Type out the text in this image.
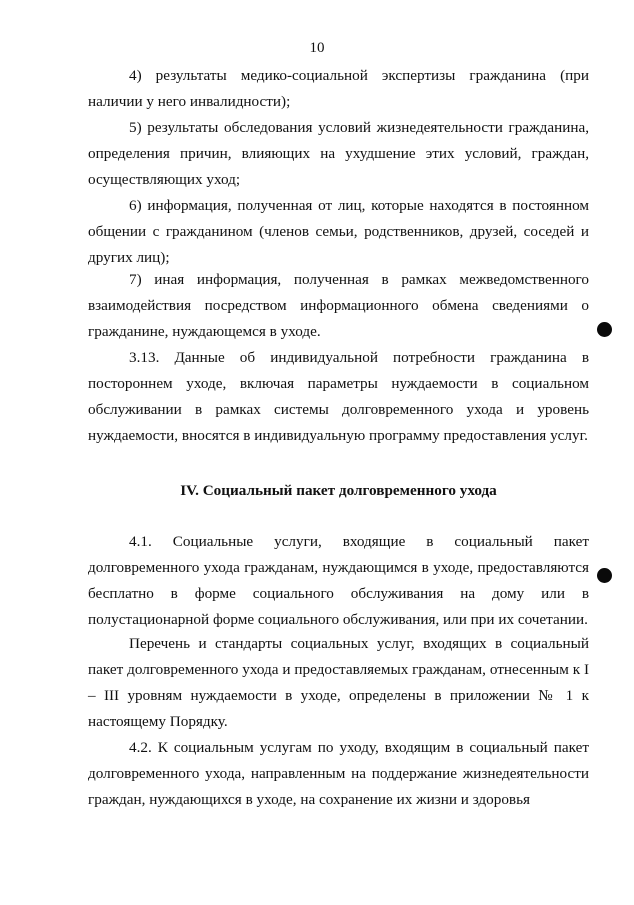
10

4) результаты медико-социальной экспертизы гражданина (при наличии у него инвалидности);

5) результаты обследования условий жизнедеятельности гражданина, определения причин, влияющих на ухудшение этих условий, граждан, осуществляющих уход;

6) информация, полученная от лиц, которые находятся в постоянном общении с гражданином (членов семьи, родственников, друзей, соседей и других лиц);

7) иная информация, полученная в рамках межведомственного взаимодействия посредством информационного обмена сведениями о гражданине, нуждающемся в уходе.

3.13. Данные об индивидуальной потребности гражданина в постороннем уходе, включая параметры нуждаемости в социальном обслуживании в рамках системы долговременного ухода и уровень нуждаемости, вносятся в индивидуальную программу предоставления услуг.

IV. Социальный пакет долговременного ухода

4.1. Социальные услуги, входящие в социальный пакет долговременного ухода гражданам, нуждающимся в уходе, предоставляются бесплатно в форме социального обслуживания на дому или в полустационарной форме социального обслуживания, или при их сочетании.

Перечень и стандарты социальных услуг, входящих в социальный пакет долговременного ухода и предоставляемых гражданам, отнесенным к I – III уровням нуждаемости в уходе, определены в приложении № 1 к настоящему Порядку.

4.2. К социальным услугам по уходу, входящим в социальный пакет долговременного ухода, направленным на поддержание жизнедеятельности граждан, нуждающихся в уходе, на сохранение их жизни и здоровья
